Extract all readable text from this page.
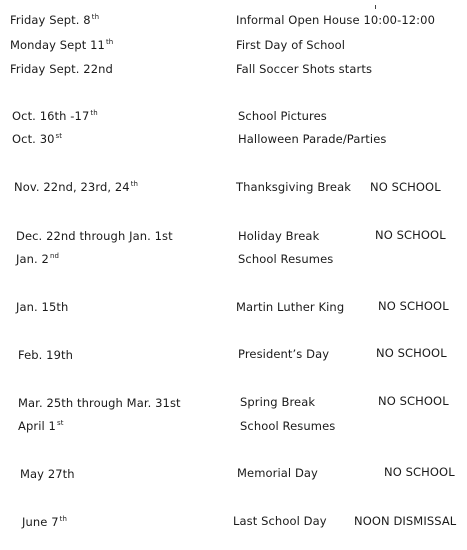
Friday Sept. 8th	Informal Open House 10:00-12:00
Monday Sept 11th	First Day of School
Friday Sept. 22nd	Fall Soccer Shots starts
Oct. 16th -17th	School Pictures
Oct. 30st	Halloween Parade/Parties
Nov. 22nd, 23rd, 24th	Thanksgiving Break NO SCHOOL
Dec. 22nd through Jan. 1st	Holiday Break	NO SCHOOL
Jan. 2nd	School Resumes
Jan. 15th	Martin Luther King	NO SCHOOL
Feb. 19th	President’s Day	NO SCHOOL
Mar. 25th through Mar. 31st	Spring Break	NO SCHOOL
April 1st	School Resumes
May 27th	Memorial Day	NO SCHOOL
June 7th	Last School Day NOON DISMISSAL
